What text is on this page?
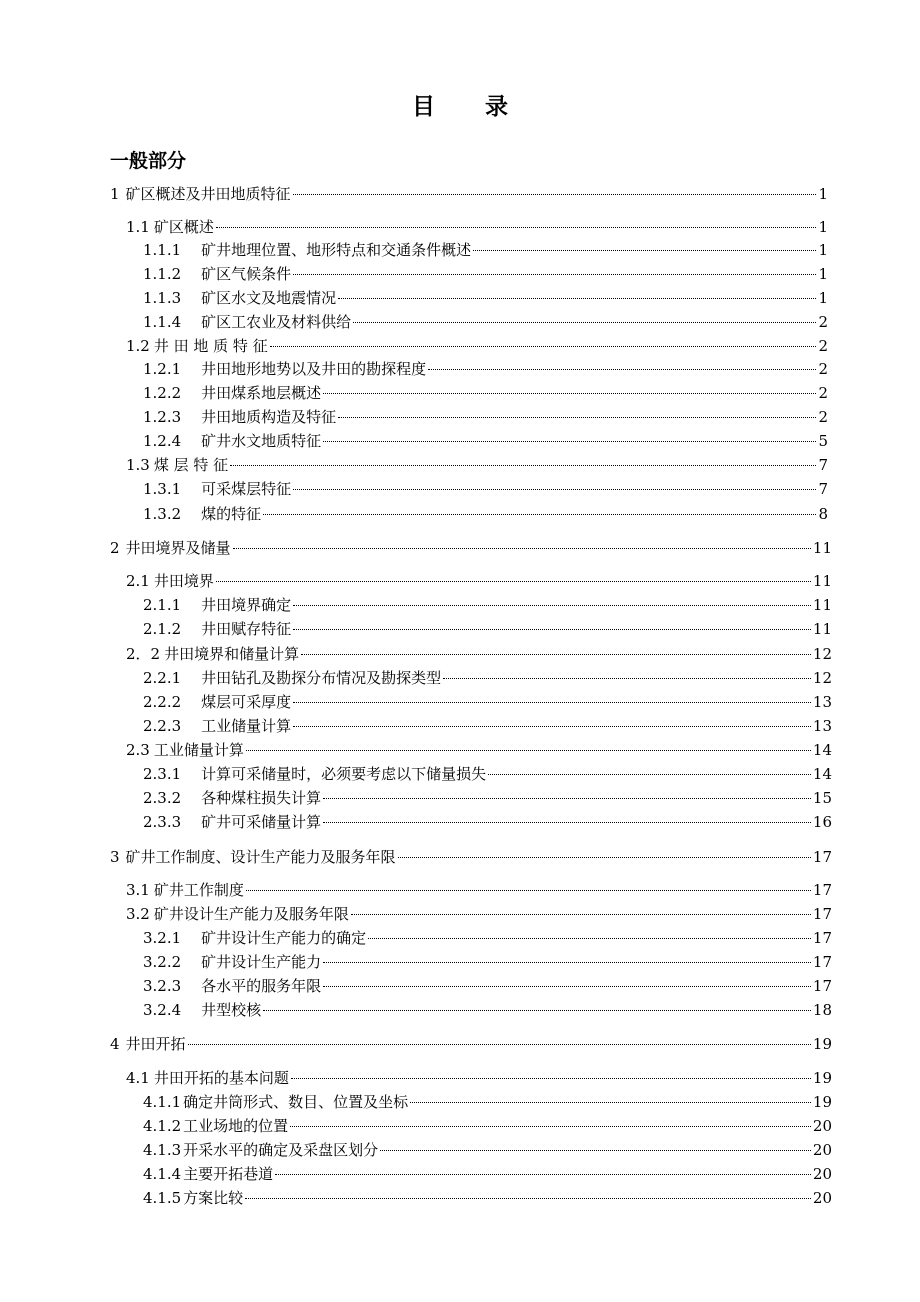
目 录
一般部分
1 矿区概述及井田地质特征	1
1.1 矿区概述	1
1.1.1 矿井地理位置、地形特点和交通条件概述	1
1.1.2 矿区气候条件	1
1.1.3 矿区水文及地震情况	1
1.1.4 矿区工农业及材料供给	2
1.2 井 田 地 质 特 征	2
1.2.1 井田地形地势以及井田的勘探程度	2
1.2.2 井田煤系地层概述	2
1.2.3 井田地质构造及特征	2
1.2.4 矿井水文地质特征	5
1.3 煤 层 特 征	7
1.3.1 可采煤层特征	7
1.3.2 煤的特征	8
2 井田境界及储量	11
2.1 井田境界	11
2.1.1 井田境界确定	11
2.1.2 井田赋存特征	11
2．2 井田境界和储量计算	12
2.2.1 井田钻孔及勘探分布情况及勘探类型	12
2.2.2 煤层可采厚度	13
2.2.3 工业储量计算	13
2.3 工业储量计算	14
2.3.1 计算可采储量时，必须要考虑以下储量损失	14
2.3.2 各种煤柱损失计算	15
2.3.3 矿井可采储量计算	16
3 矿井工作制度、设计生产能力及服务年限	17
3.1 矿井工作制度	17
3.2 矿井设计生产能力及服务年限	17
3.2.1 矿井设计生产能力的确定	17
3.2.2 矿井设计生产能力	17
3.2.3 各水平的服务年限	17
3.2.4 井型校核	18
4 井田开拓	19
4.1 井田开拓的基本问题	19
4.1.1 确定井筒形式、数目、位置及坐标	19
4.1.2 工业场地的位置	20
4.1.3 开采水平的确定及采盘区划分	20
4.1.4 主要开拓巷道	20
4.1.5 方案比较	20
